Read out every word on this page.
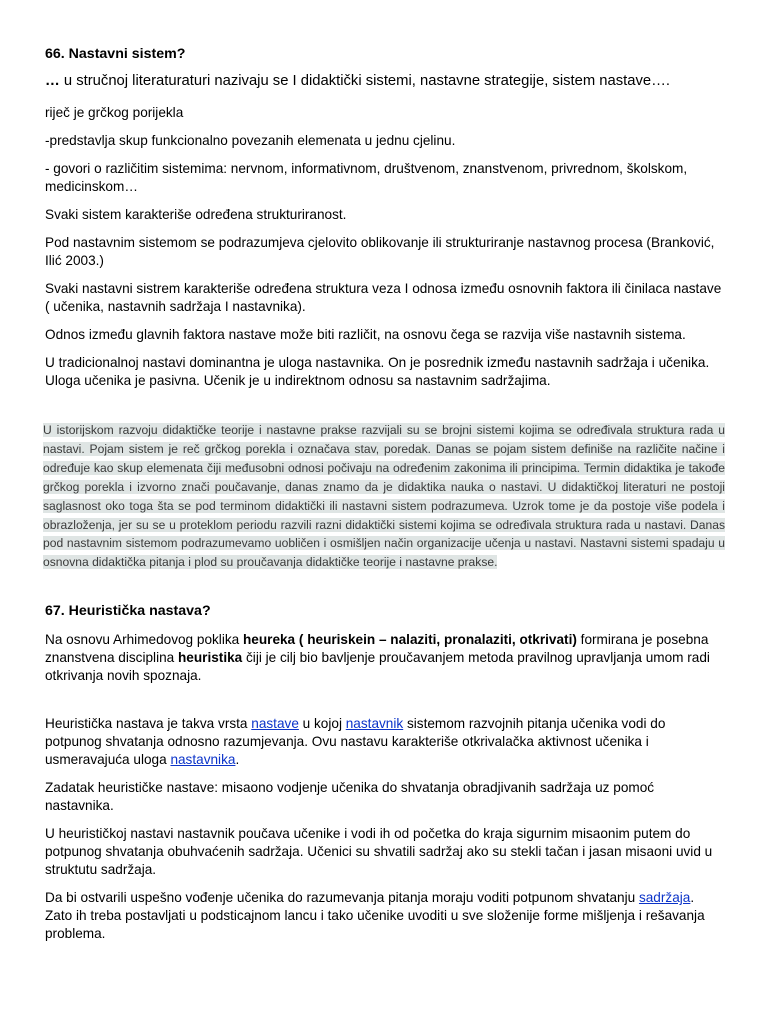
66. Nastavni sistem?

… u stručnoj literaturaturi nazivaju se I didaktički sistemi, nastavne strategije, sistem nastave….

riječ je grčkog porijekla

-predstavlja skup funkcionalno povezanih elemenata u jednu cjelinu.

- govori o različitim sistemima: nervnom, informativnom, društvenom, znanstvenom, privrednom, školskom, medicinskom…

Svaki sistem karakteriše određena strukturiranost.

Pod nastavnim sistemom se podrazumjeva cjelovito oblikovanje ili strukturiranje nastavnog procesa (Branković, Ilić 2003.)

Svaki nastavni sistrem karakteriše određena struktura veza I odnosa između osnovnih faktora ili činilaca nastave ( učenika, nastavnih sadržaja I nastavnika).

Odnos između glavnih faktora nastave može biti različit, na osnovu čega se razvija više nastavnih sistema.

U tradicionalnoj nastavi dominantna je uloga nastavnika. On je posrednik između nastavnih sadržaja i učenika. Uloga učenika je pasivna. Učenik je u indirektnom odnosu sa nastavnim sadržajima.

U istorijskom razvoju didaktičke teorije i nastavne prakse razvijali su se brojni sistemi kojima se određivala struktura rada u nastavi. Pojam sistem je reč grčkog porekla i označava stav, poredak. Danas se pojam sistem definiše na različite načine i određuje kao skup elemenata čiji međusobni odnosi počivaju na određenim zakonima ili principima. Termin didaktika je takođe grčkog porekla i izvorno znači poučavanje, danas znamo da je didaktika nauka o nastavi. U didaktičkoj literaturi ne postoji saglasnost oko toga šta se pod terminom didaktički ili nastavni sistem podrazumeva. Uzrok tome je da postoje više podela i obrazloženja, jer su se u proteklom periodu razvili razni didaktički sistemi kojima se određivala struktura rada u nastavi. Danas pod nastavnim sistemom podrazumevamo uobličen i osmišljen način organizacije učenja u nastavi. Nastavni sistemi spadaju u osnovna didaktička pitanja i plod su proučavanja didaktičke teorije i nastavne prakse.
67. Heuristička nastava?

Na osnovu Arhimedovog poklika heureka ( heuriskein – nalaziti, pronalaziti, otkrivati) formirana je posebna znanstvena disciplina heuristika čiji je cilj bio bavljenje proučavanjem metoda pravilnog upravljanja umom radi otkrivanja novih spoznaja.

Heuristička nastava je takva vrsta nastave u kojoj nastavnik sistemom razvojnih pitanja učenika vodi do potpunog shvatanja odnosno razumjevanja. Ovu nastavu karakteriše otkrivalačka aktivnost učenika i usmeravajuća uloga nastavnika.

Zadatak heurističke nastave: misaono vodjenje učenika do shvatanja obradjivanih sadržaja uz pomoć nastavnika.

U heurističkoj nastavi nastavnik poučava učenike i vodi ih od početka do kraja sigurnim misaonim putem do potpunog shvatanja obuhvaćenih sadržaja. Učenici su shvatili sadržaj ako su stekli tačan i jasan misaoni uvid u struktutu sadržaja.

Da bi ostvarili uspešno vođenje učenika do razumevanja pitanja moraju voditi potpunom shvatanju sadržaja. Zato ih treba postavljati u podsticajnom lancu i tako učenike uvoditi u sve složenije forme mišljenja i rešavanja problema.
